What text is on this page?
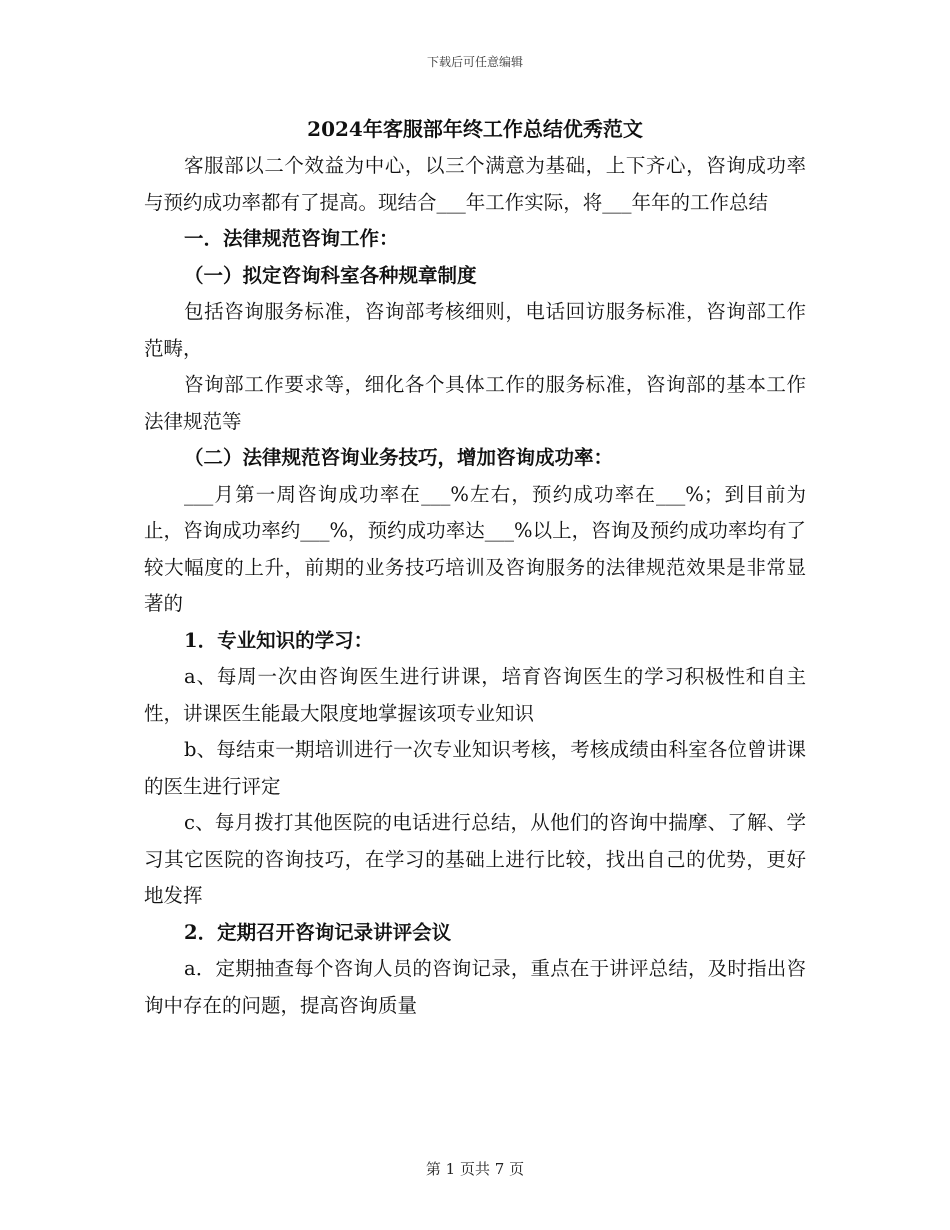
下载后可任意编辑
2024年客服部年终工作总结优秀范文

客服部以二个效益为中心，以三个满意为基础，上下齐心，咨询成功率与预约成功率都有了提高。现结合___年工作实际，将___年年的工作总结

一．法律规范咨询工作：

（一）拟定咨询科室各种规章制度

包括咨询服务标准，咨询部考核细则，电话回访服务标准，咨询部工作范畴，

咨询部工作要求等，细化各个具体工作的服务标准，咨询部的基本工作法律规范等

（二）法律规范咨询业务技巧，增加咨询成功率：

___月第一周咨询成功率在___%左右，预约成功率在___%；到目前为止，咨询成功率约___%，预约成功率达___%以上，咨询及预约成功率均有了较大幅度的上升，前期的业务技巧培训及咨询服务的法律规范效果是非常显著的

1．专业知识的学习：

a、每周一次由咨询医生进行讲课，培育咨询医生的学习积极性和自主性，讲课医生能最大限度地掌握该项专业知识

b、每结束一期培训进行一次专业知识考核，考核成绩由科室各位曾讲课的医生进行评定

c、每月拨打其他医院的电话进行总结，从他们的咨询中揣摩、了解、学习其它医院的咨询技巧，在学习的基础上进行比较，找出自己的优势，更好地发挥

2．定期召开咨询记录讲评会议

a．定期抽查每个咨询人员的咨询记录，重点在于讲评总结，及时指出咨询中存在的问题，提高咨询质量

第 1 页共 7 页
